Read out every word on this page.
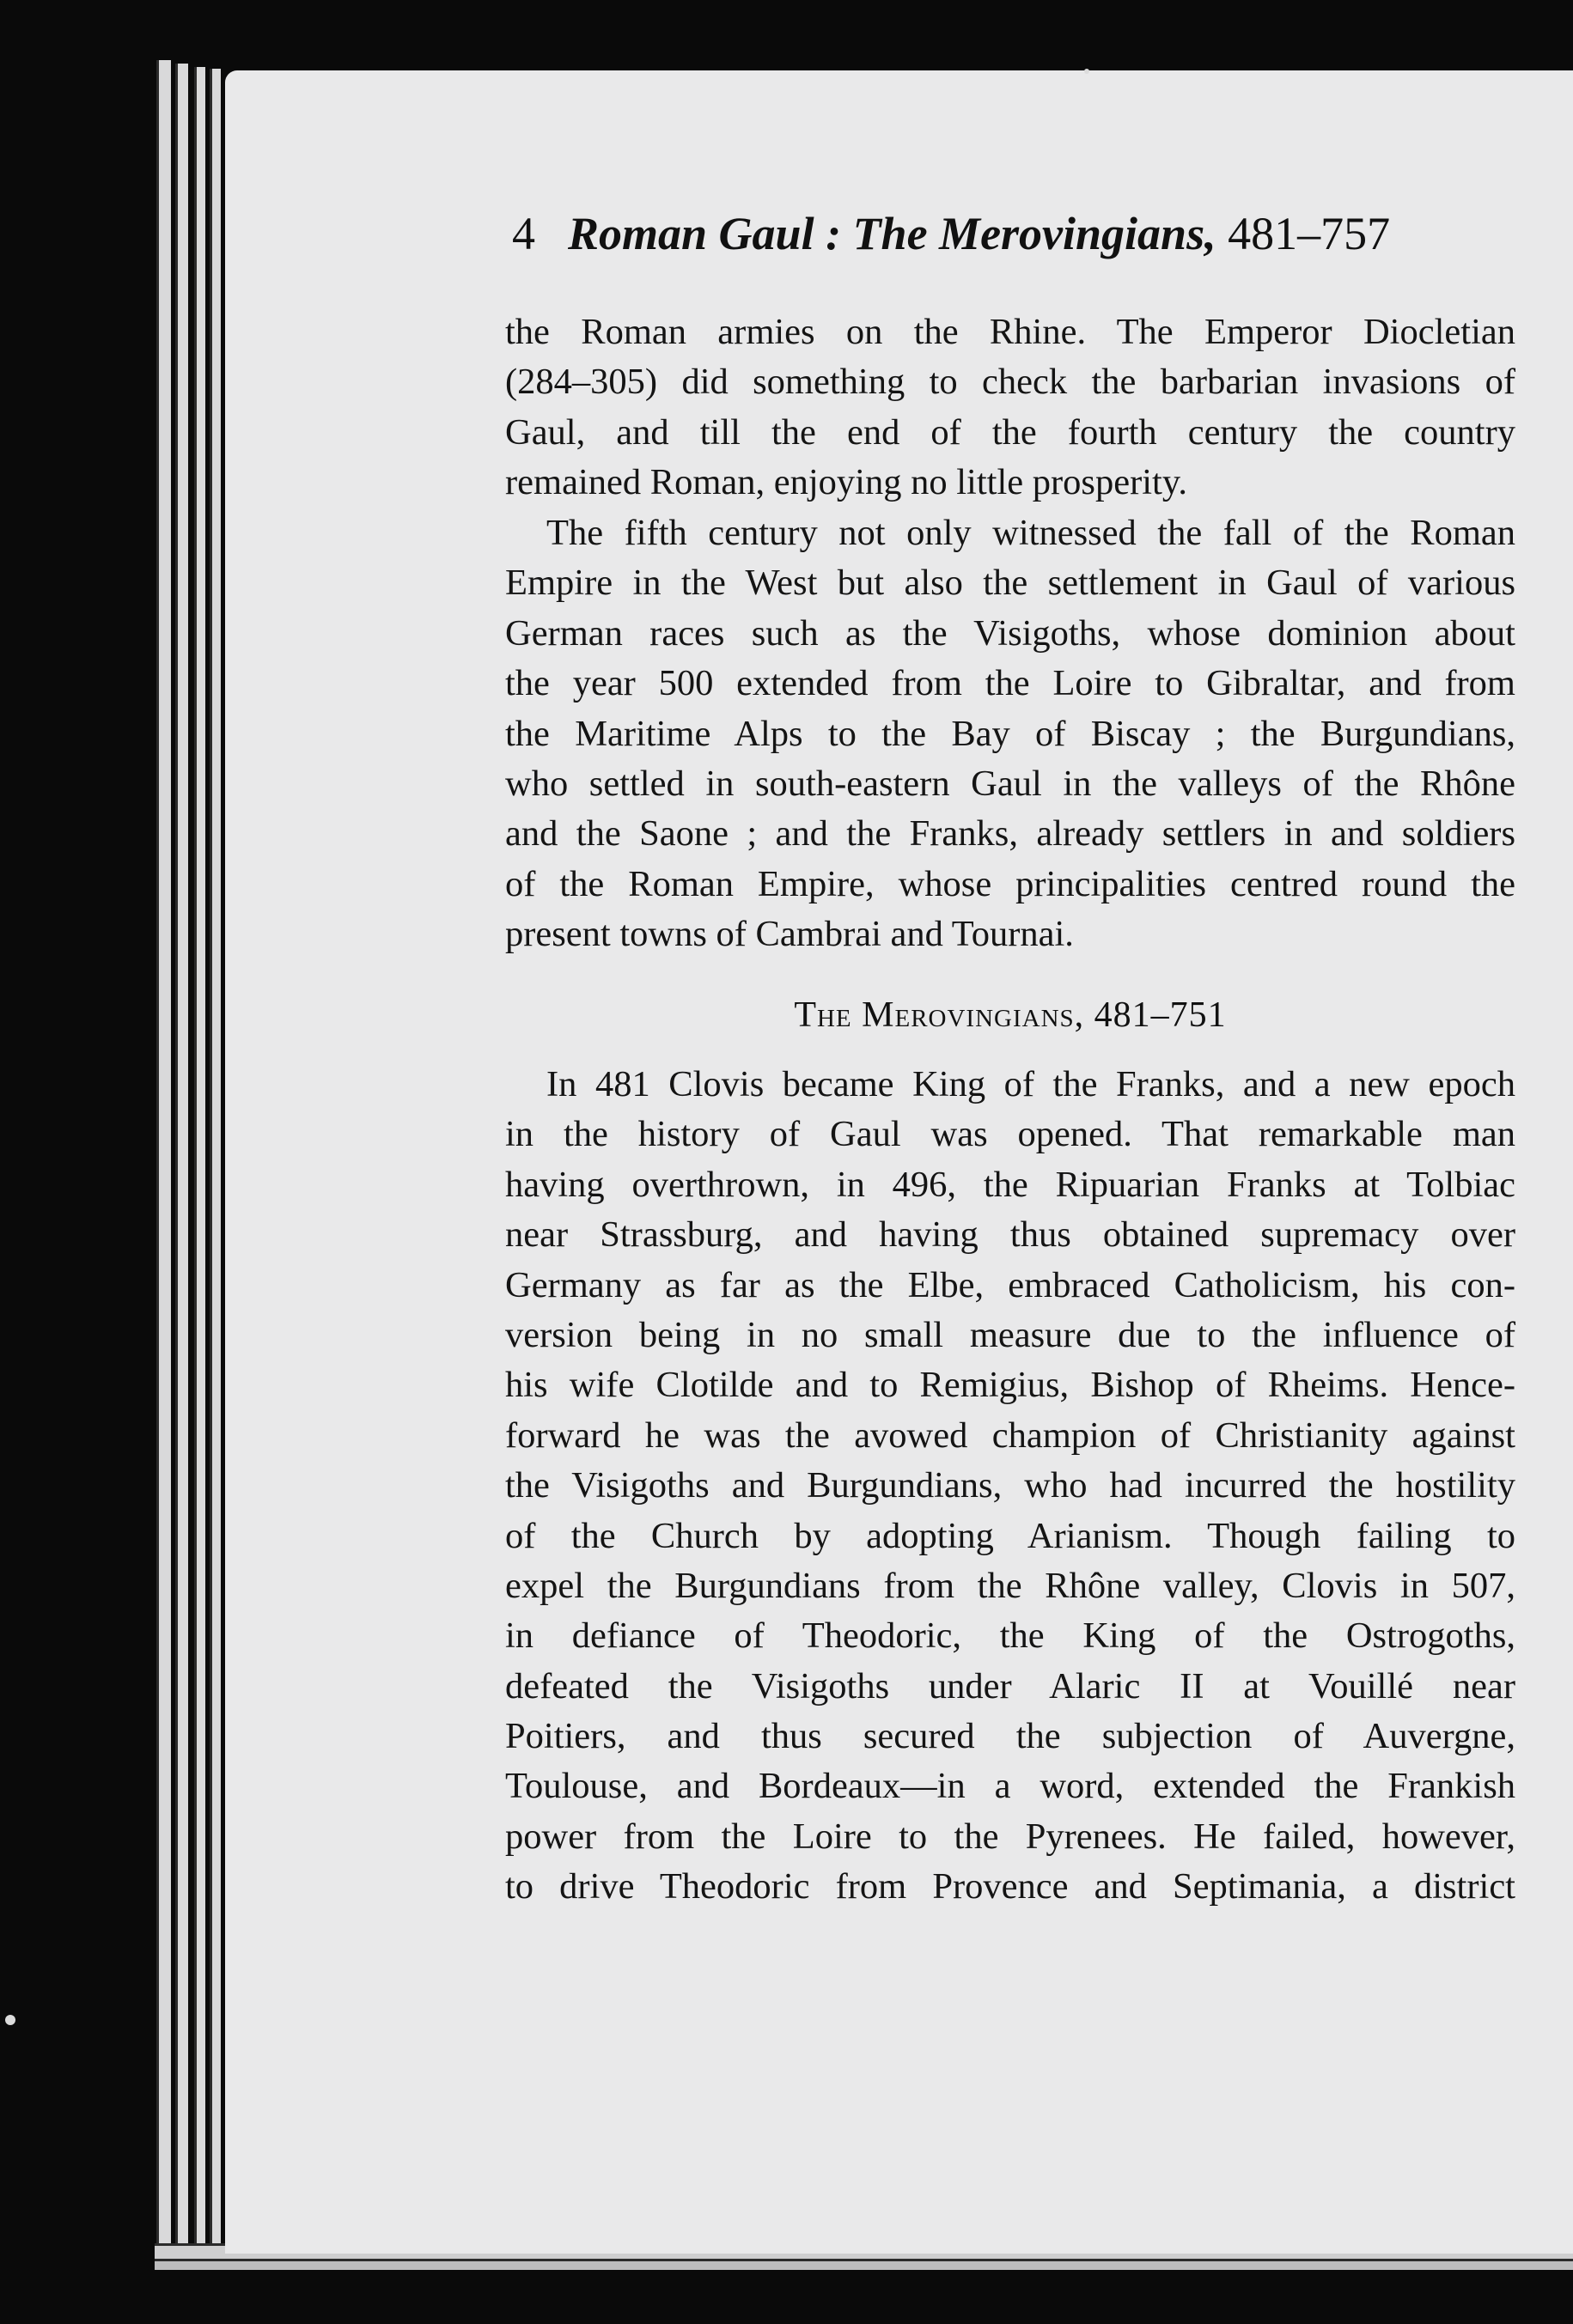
4 Roman Gaul : The Merovingians, 481–757
the Roman armies on the Rhine. The Emperor Diocletian
(284–305) did something to check the barbarian invasions of
Gaul, and till the end of the fourth century the country
remained Roman, enjoying no little prosperity.
The fifth century not only witnessed the fall of the Roman
Empire in the West but also the settlement in Gaul of various
German races such as the Visigoths, whose dominion about
the year 500 extended from the Loire to Gibraltar, and from
the Maritime Alps to the Bay of Biscay ; the Burgundians,
who settled in south-eastern Gaul in the valleys of the Rhône
and the Saone ; and the Franks, already settlers in and soldiers
of the Roman Empire, whose principalities centred round the
present towns of Cambrai and Tournai.
The Merovingians, 481–751
In 481 Clovis became King of the Franks, and a new epoch
in the history of Gaul was opened. That remarkable man
having overthrown, in 496, the Ripuarian Franks at Tolbiac
near Strassburg, and having thus obtained supremacy over
Germany as far as the Elbe, embraced Catholicism, his con-
version being in no small measure due to the influence of
his wife Clotilde and to Remigius, Bishop of Rheims. Hence-
forward he was the avowed champion of Christianity against
the Visigoths and Burgundians, who had incurred the hostility
of the Church by adopting Arianism. Though failing to
expel the Burgundians from the Rhône valley, Clovis in 507,
in defiance of Theodoric, the King of the Ostrogoths,
defeated the Visigoths under Alaric II at Vouillé near
Poitiers, and thus secured the subjection of Auvergne,
Toulouse, and Bordeaux—in a word, extended the Frankish
power from the Loire to the Pyrenees. He failed, however,
to drive Theodoric from Provence and Septimania, a district
